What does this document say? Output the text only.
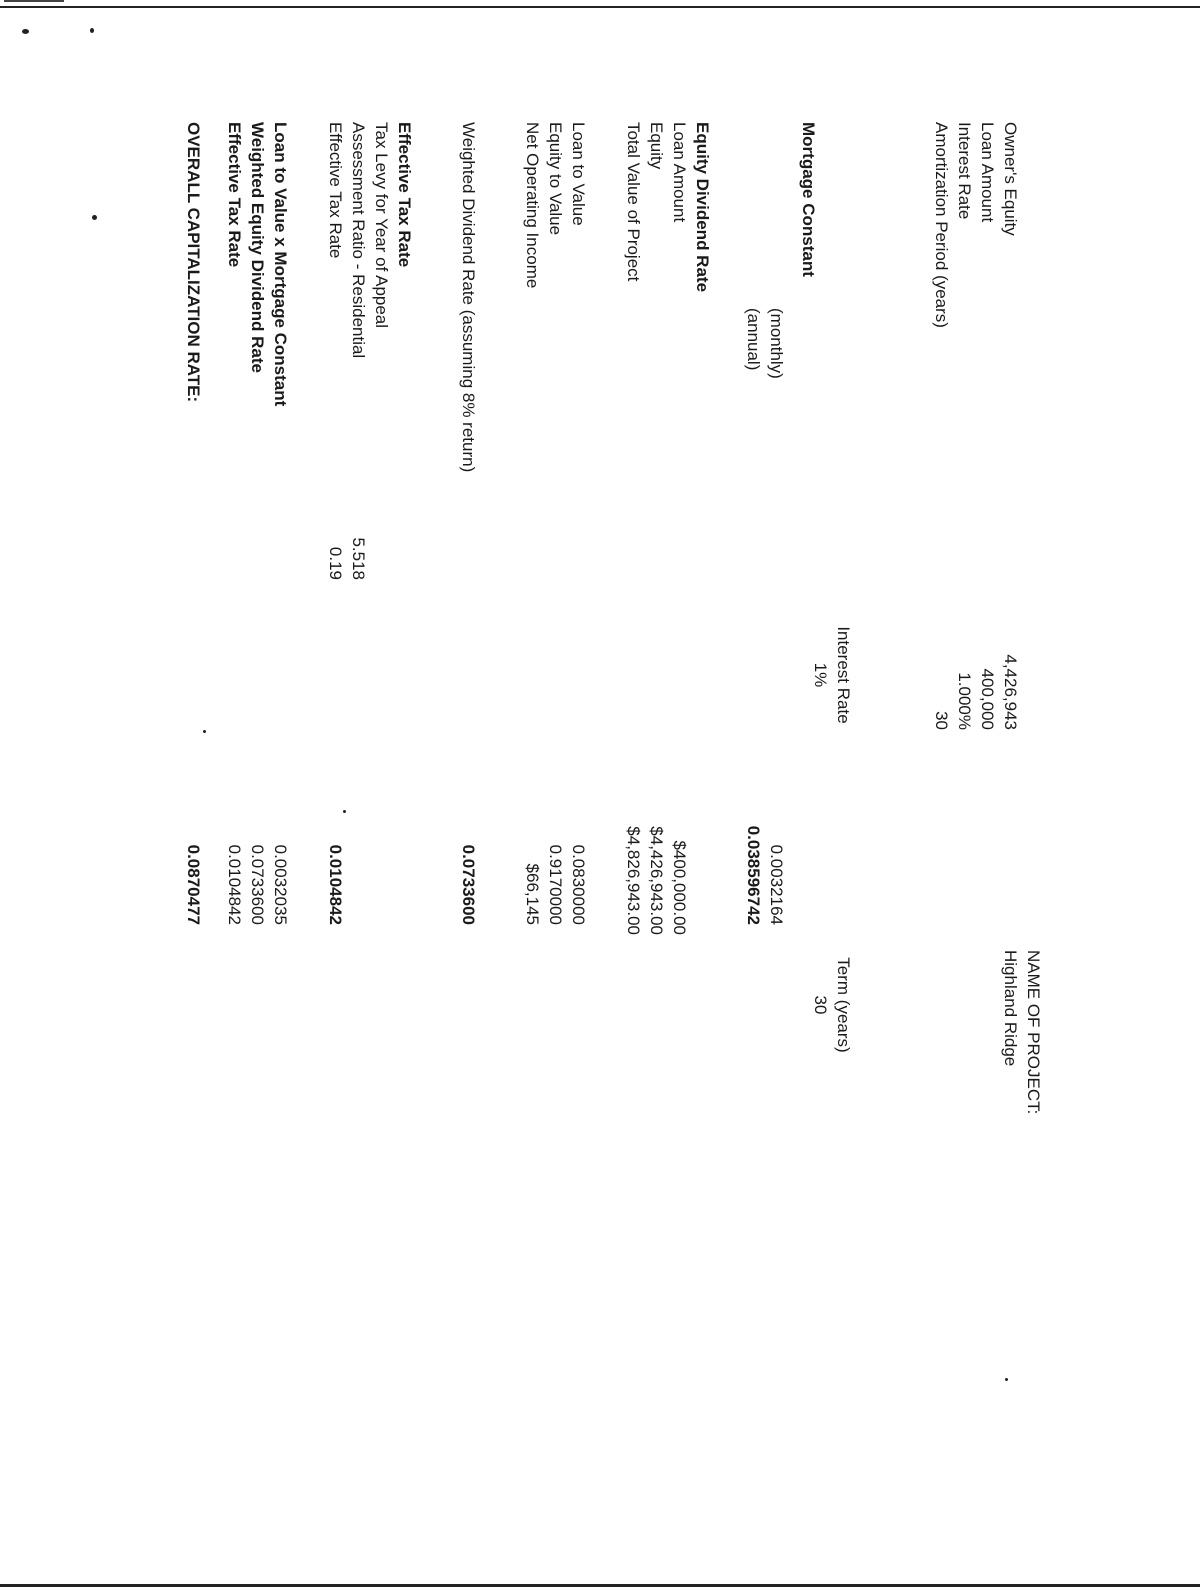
NAME OF PROJECT:
Highland Ridge
Owner's Equity
Loan Amount
Interest Rate
Amortization Period (years)
4,426,943
400,000
1.000%
30
Mortgage Constant
(monthly)
(annual)
Interest Rate
1%
Term (years)
30
0.0032164
0.038596742
Equity Dividend Rate
Loan Amount
Equity
Total Value of Project
$400,000.00
$4,426,943.00
$4,826,943.00
Loan to Value
Equity to Value
Net Operating Income
0.0830000
0.9170000
$66,145
Weighted Dividend Rate (assuming 8% return)
0.0733600
Effective Tax Rate
Tax Levy for Year of Appeal
Assessment Ratio - Residential
Effective Tax Rate
5.518
0.19
0.0104842
Loan to Value x Mortgage Constant
Weighted Equity Dividend Rate
Effective Tax Rate
0.0032035
0.0733600
0.0104842
OVERALL CAPITALIZATION RATE:
0.0870477
